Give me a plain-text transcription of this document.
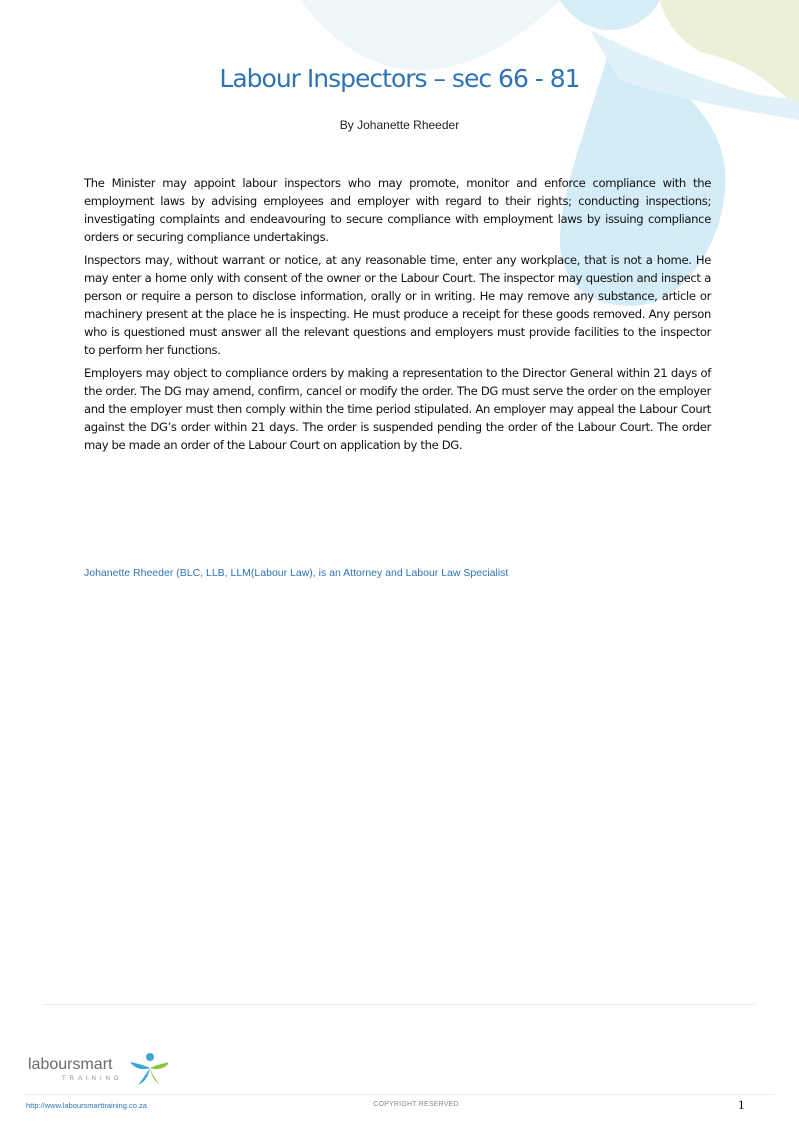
Labour Inspectors – sec 66 - 81
By Johanette Rheeder

The Minister may appoint labour inspectors who may promote, monitor and enforce compliance with the employment laws by advising employees and employer with regard to their rights; conducting inspections; investigating complaints and endeavouring to secure compliance with employment laws by issuing compliance orders or securing compliance undertakings.

Inspectors may, without warrant or notice, at any reasonable time, enter any workplace, that is not a home. He may enter a home only with consent of the owner or the Labour Court. The inspector may question and inspect a person or require a person to disclose information, orally or in writing. He may remove any substance, article or machinery present at the place he is inspecting. He must produce a receipt for these goods removed. Any person who is questioned must answer all the relevant questions and employers must provide facilities to the inspector to perform her functions.

Employers may object to compliance orders by making a representation to the Director General within 21 days of the order. The DG may amend, confirm, cancel or modify the order. The DG must serve the order on the employer and the employer must then comply within the time period stipulated. An employer may appeal the Labour Court against the DG’s order within 21 days. The order is suspended pending the order of the Labour Court. The order may be made an order of the Labour Court on application by the DG.

Johanette Rheeder (BLC, LLB, LLM(Labour Law), is an Attorney and Labour Law Specialist
laboursmart
TRAINING
http://www.laboursmarttraining.co.za	COPYRIGHT RESERVED	1
